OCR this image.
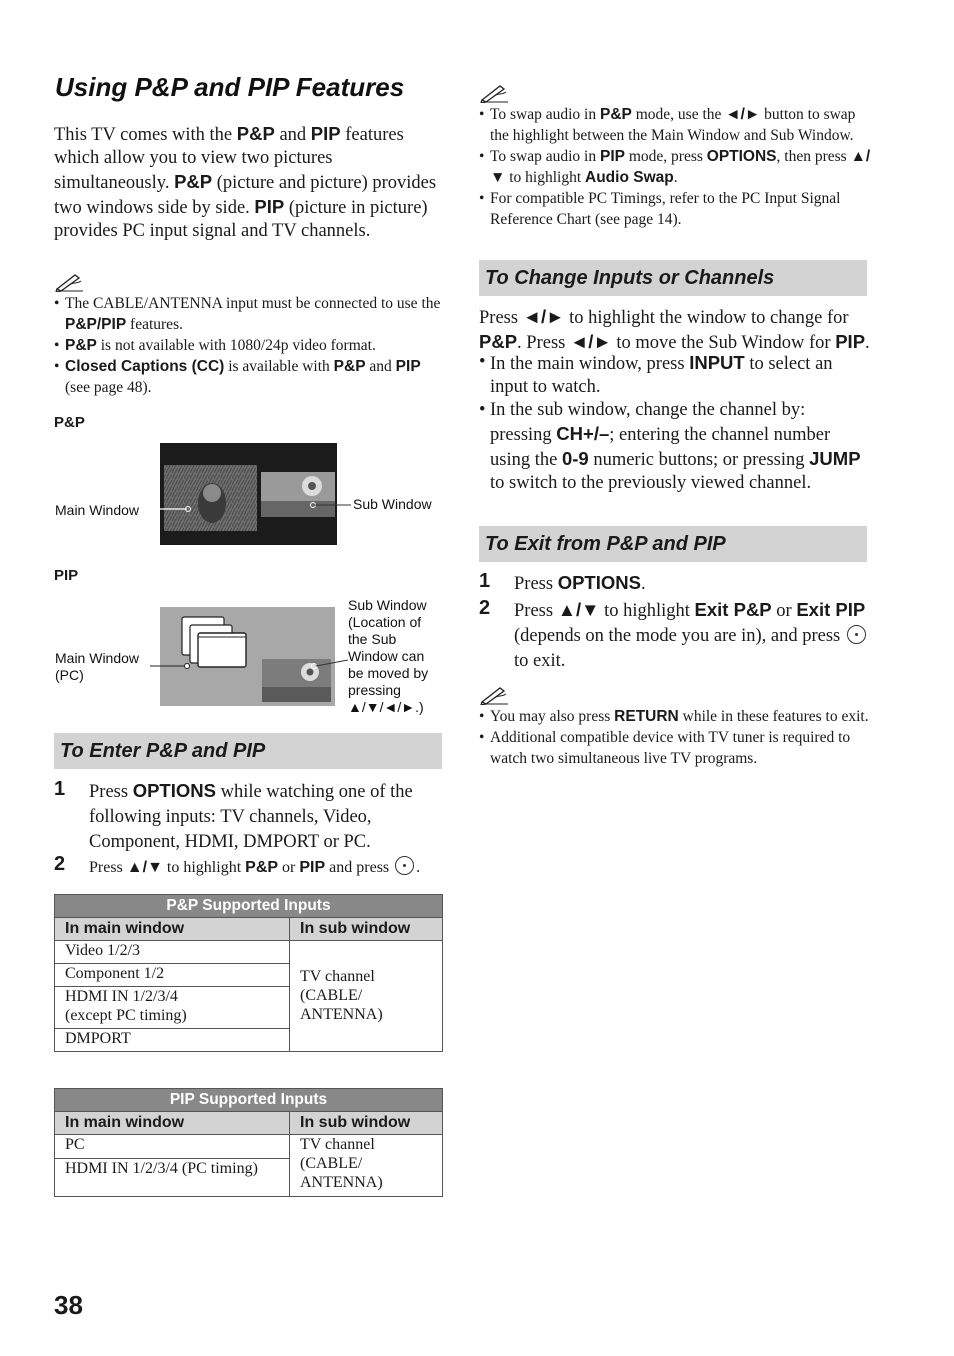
Using P&P and PIP Features

This TV comes with the P&P and PIP features which allow you to view two pictures simultaneously. P&P (picture and picture) provides two windows side by side. PIP (picture in picture) provides PC input signal and TV channels.

• The CABLE/ANTENNA input must be connected to use the P&P/PIP features.
• P&P is not available with 1080/24p video format.
• Closed Captions (CC) is available with P&P and PIP (see page 48).
P&P
Main Window	Sub Window
PIP
Main Window
(PC)
Sub Window
(Location of
the Sub
Window can
be moved by
pressing
▲/▼/◄/►.)
To Enter P&P and PIP
1 Press OPTIONS while watching one of the following inputs: TV channels, Video, Component, HDMI, DMPORT or PC.
2 Press ▲/▼ to highlight P&P or PIP and press .
P&P Supported Inputs	
In main window	In sub window
Video 1/2/3	TV channel
(CABLE/
ANTENNA)

Component 1/2	

HDMI IN 1/2/3/4
(except PC timing)	

DMPORT	
PIP Supported Inputs	
In main window	In sub window
PC	TV channel
(CABLE/
ANTENNA)

HDMI IN 1/2/3/4 (PC timing)	
38
• To swap audio in P&P mode, use the ◄/► button to swap the highlight between the Main Window and Sub Window.
• To swap audio in PIP mode, press OPTIONS, then press ▲/▼ to highlight Audio Swap.
• For compatible PC Timings, refer to the PC Input Signal Reference Chart (see page 14).
To Change Inputs or Channels

Press ◄/► to highlight the window to change for P&P. Press ◄/► to move the Sub Window for PIP.

• In the main window, press INPUT to select an input to watch.
• In the sub window, change the channel by: pressing CH+/–; entering the channel number using the 0-9 numeric buttons; or pressing JUMP to switch to the previously viewed channel.
To Exit from P&P and PIP
1 Press OPTIONS.
2 Press ▲/▼ to highlight Exit P&P or Exit PIP (depends on the mode you are in), and press  to exit.
• You may also press RETURN while in these features to exit.
• Additional compatible device with TV tuner is required to watch two simultaneous live TV programs.
